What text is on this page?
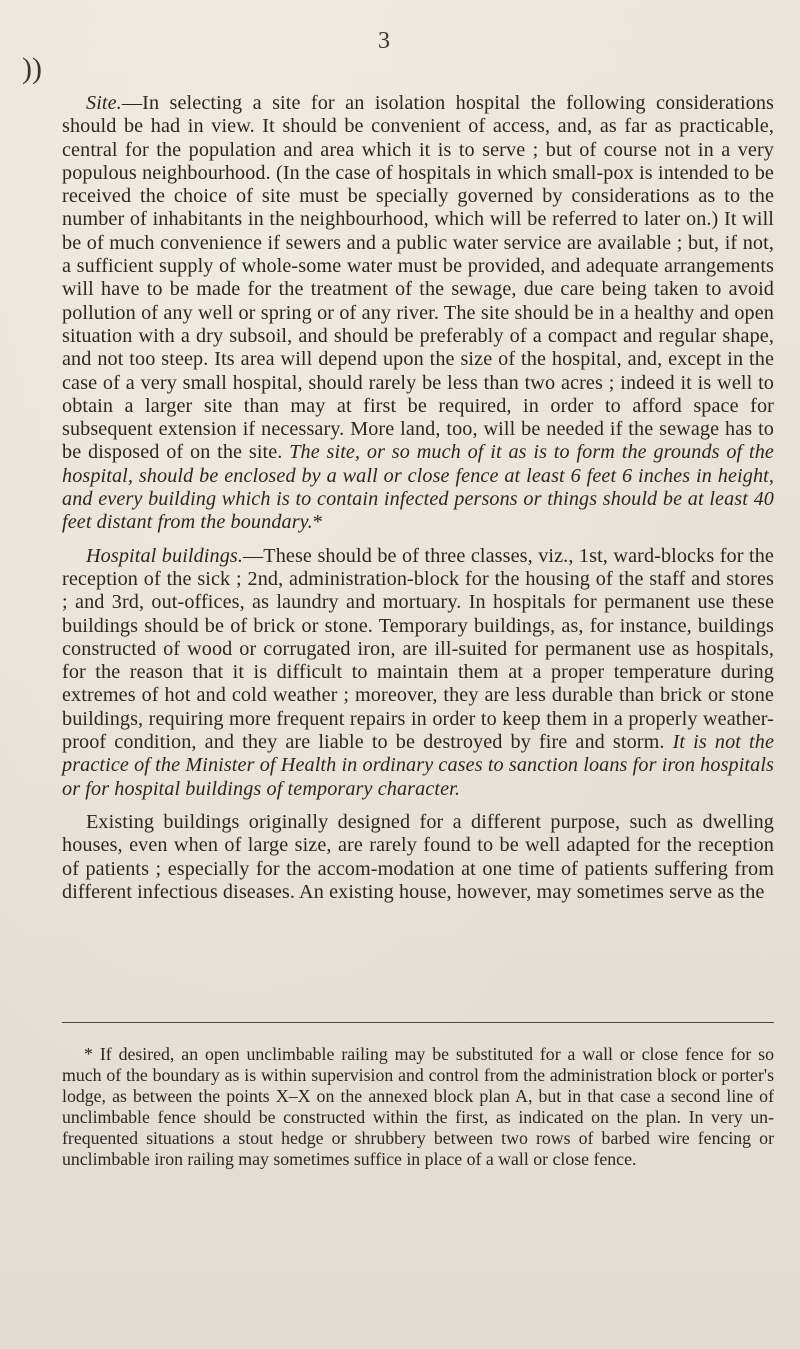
))
3

Site.—In selecting a site for an isolation hospital the following considerations should be had in view. It should be convenient of access, and, as far as practicable, central for the population and area which it is to serve ; but of course not in a very populous neighbourhood. (In the case of hospitals in which small-pox is intended to be received the choice of site must be specially governed by considerations as to the number of inhabitants in the neighbourhood, which will be referred to later on.) It will be of much convenience if sewers and a public water service are available ; but, if not, a sufficient supply of whole-some water must be provided, and adequate arrangements will have to be made for the treatment of the sewage, due care being taken to avoid pollution of any well or spring or of any river. The site should be in a healthy and open situation with a dry subsoil, and should be preferably of a compact and regular shape, and not too steep. Its area will depend upon the size of the hospital, and, except in the case of a very small hospital, should rarely be less than two acres ; indeed it is well to obtain a larger site than may at first be required, in order to afford space for subsequent extension if necessary. More land, too, will be needed if the sewage has to be disposed of on the site. The site, or so much of it as is to form the grounds of the hospital, should be enclosed by a wall or close fence at least 6 feet 6 inches in height, and every building which is to contain infected persons or things should be at least 40 feet distant from the boundary.*

Hospital buildings.—These should be of three classes, viz., 1st, ward-blocks for the reception of the sick ; 2nd, administration-block for the housing of the staff and stores ; and 3rd, out-offices, as laundry and mortuary. In hospitals for permanent use these buildings should be of brick or stone. Temporary buildings, as, for instance, buildings constructed of wood or corrugated iron, are ill-suited for permanent use as hospitals, for the reason that it is difficult to maintain them at a proper temperature during extremes of hot and cold weather ; moreover, they are less durable than brick or stone buildings, requiring more frequent repairs in order to keep them in a properly weather-proof condition, and they are liable to be destroyed by fire and storm. It is not the practice of the Minister of Health in ordinary cases to sanction loans for iron hospitals or for hospital buildings of temporary character.

Existing buildings originally designed for a different purpose, such as dwelling houses, even when of large size, are rarely found to be well adapted for the reception of patients ; especially for the accom-modation at one time of patients suffering from different infectious diseases. An existing house, however, may sometimes serve as the

* If desired, an open unclimbable railing may be substituted for a wall or close fence for so much of the boundary as is within supervision and control from the administration block or porter's lodge, as between the points X–X on the annexed block plan A, but in that case a second line of unclimbable fence should be constructed within the first, as indicated on the plan. In very un-frequented situations a stout hedge or shrubbery between two rows of barbed wire fencing or unclimbable iron railing may sometimes suffice in place of a wall or close fence.
